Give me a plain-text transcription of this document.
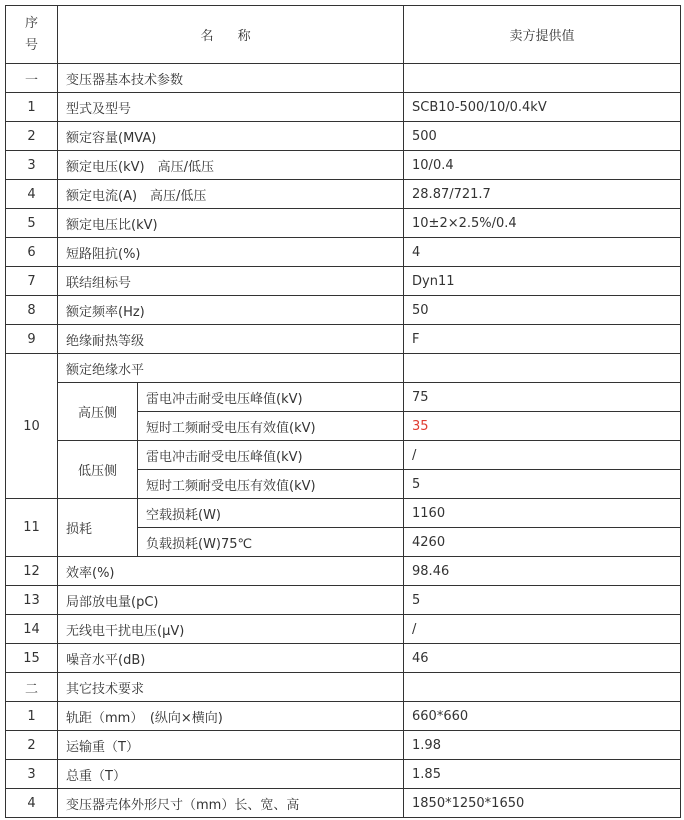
序
号	名 称		卖方提供值
一	变压器基本技术参数		
1	型式及型号		SCB10-500/10/0.4kV
2	额定容量(MVA)		500
3	额定电压(kV)　高压/低压		10/0.4
4	额定电流(A)　高压/低压		28.87/721.7
5	额定电压比(kV)		10±2×2.5%/0.4
6	短路阻抗(%)		4
7	联结组标号		Dyn11
8	额定频率(Hz)		50
9	绝缘耐热等级		F
10	额定绝缘水平		
	高压侧	雷电冲击耐受电压峰值(kV)	75
		短时工频耐受电压有效值(kV)	35
	低压侧	雷电冲击耐受电压峰值(kV)	/
		短时工频耐受电压有效值(kV)	5
11	损耗	空载损耗(W)	1160
		负载损耗(W)75℃	4260
12	效率(%)		98.46
13	局部放电量(pC)		5
14	无线电干扰电压(μV)		/
15	噪音水平(dB)		46
二	其它技术要求		
1	轨距（mm）　(纵向×横向)		660*660
2	运输重（T）		1.98
3	总重（T）		1.85
4	变压器壳体外形尺寸（mm）长、宽、高		1850*1250*1650
